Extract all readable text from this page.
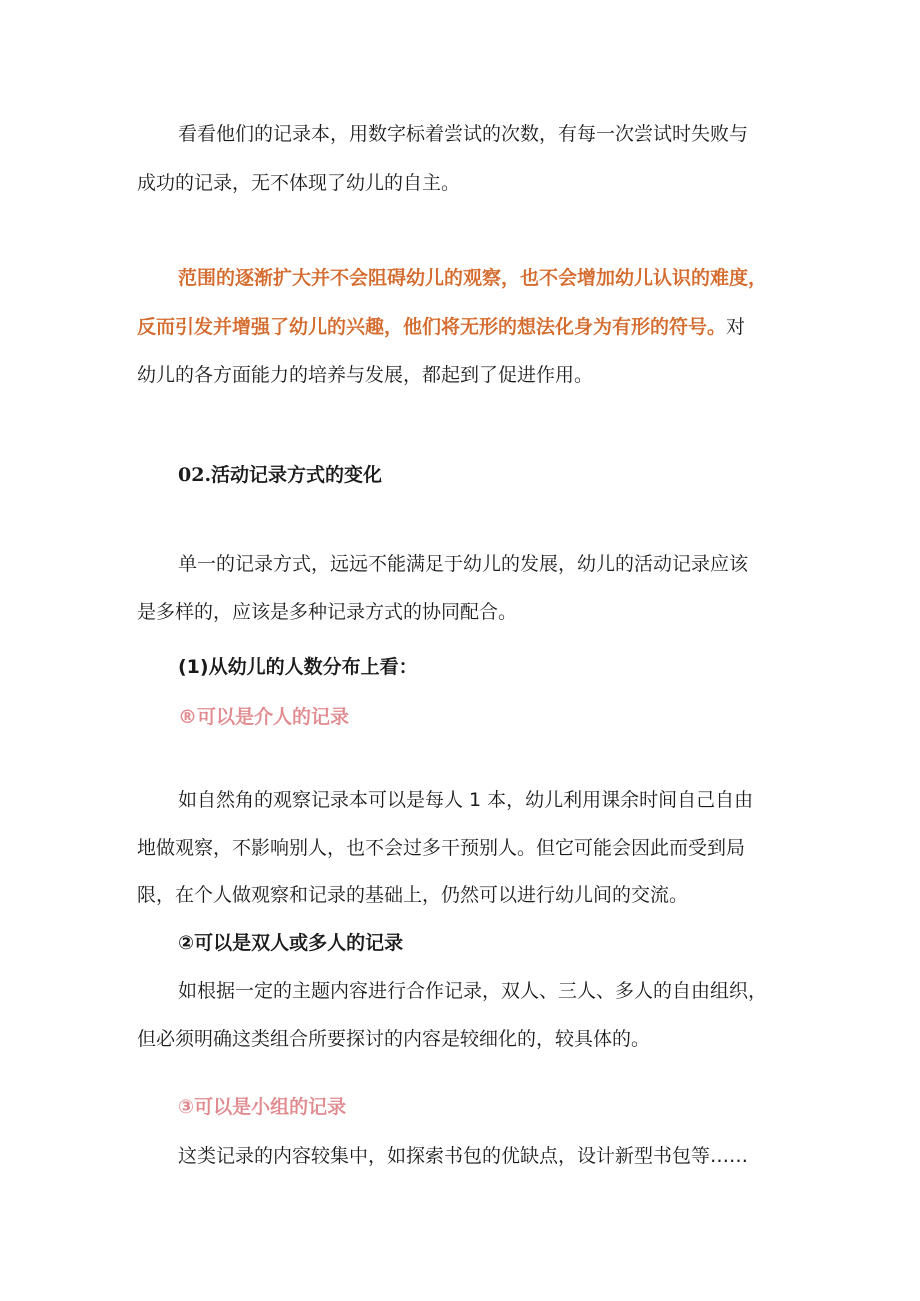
看看他们的记录本，用数字标着尝试的次数，有每一次尝试时失败与
成功的记录，无不体现了幼儿的自主。
范围的逐渐扩大并不会阻碍幼儿的观察，也不会增加幼儿认识的难度，
反而引发并增强了幼儿的兴趣，他们将无形的想法化身为有形的符号。对
幼儿的各方面能力的培养与发展，都起到了促进作用。
02.活动记录方式的变化
单一的记录方式，远远不能满足于幼儿的发展，幼儿的活动记录应该
是多样的，应该是多种记录方式的协同配合。
(1)从幼儿的人数分布上看：
®可以是介人的记录
如自然角的观察记录本可以是每人 1 本，幼儿利用课余时间自己自由
地做观察，不影响别人，也不会过多干预别人。但它可能会因此而受到局
限，在个人做观察和记录的基础上，仍然可以进行幼儿间的交流。
②可以是双人或多人的记录
如根据一定的主题内容进行合作记录，双人、三人、多人的自由组织，
但必须明确这类组合所要探讨的内容是较细化的，较具体的。
③可以是小组的记录
这类记录的内容较集中，如探索书包的优缺点，设计新型书包等……
